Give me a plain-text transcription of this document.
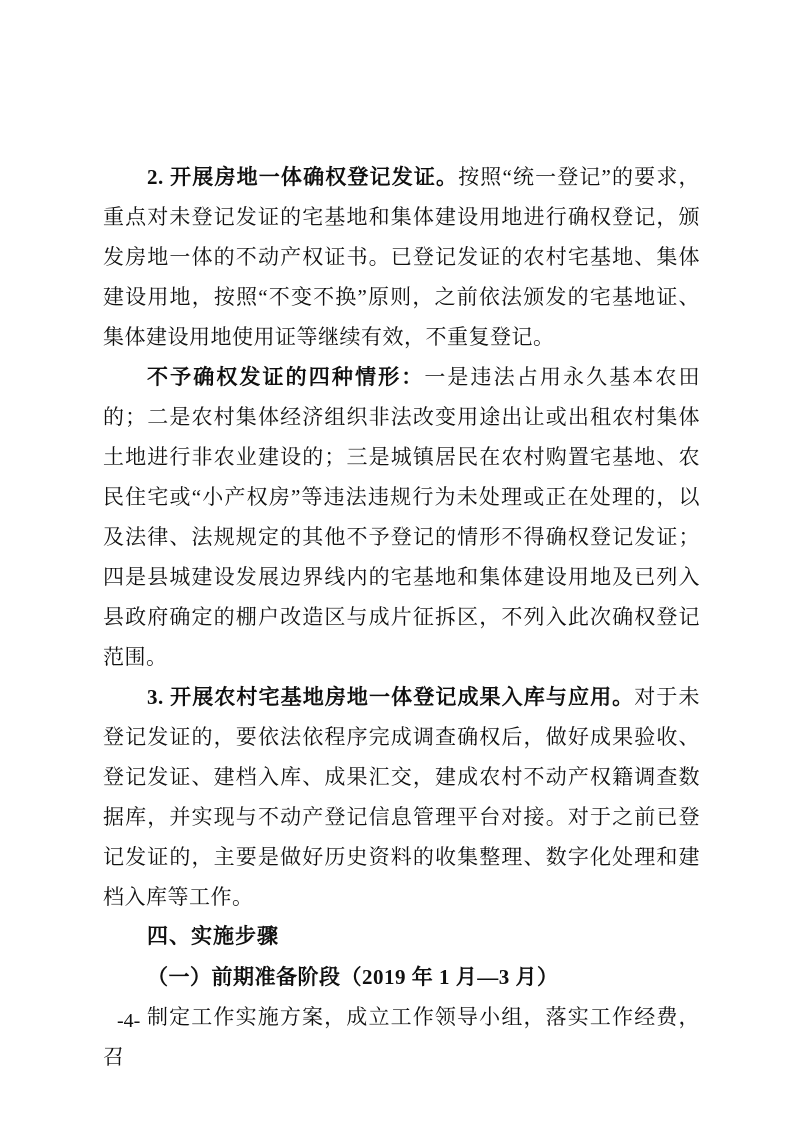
2. 开展房地一体确权登记发证。按照“统一登记”的要求，重点对未登记发证的宅基地和集体建设用地进行确权登记，颁发房地一体的不动产权证书。已登记发证的农村宅基地、集体建设用地，按照“不变不换”原则，之前依法颁发的宅基地证、集体建设用地使用证等继续有效，不重复登记。

不予确权发证的四种情形：一是违法占用永久基本农田的；二是农村集体经济组织非法改变用途出让或出租农村集体土地进行非农业建设的；三是城镇居民在农村购置宅基地、农民住宅或“小产权房”等违法违规行为未处理或正在处理的，以及法律、法规规定的其他不予登记的情形不得确权登记发证；四是县城建设发展边界线内的宅基地和集体建设用地及已列入县政府确定的棚户改造区与成片征拆区，不列入此次确权登记范围。

3. 开展农村宅基地房地一体登记成果入库与应用。对于未登记发证的，要依法依程序完成调查确权后，做好成果验收、登记发证、建档入库、成果汇交，建成农村不动产权籍调查数据库，并实现与不动产登记信息管理平台对接。对于之前已登记发证的，主要是做好历史资料的收集整理、数字化处理和建档入库等工作。

四、实施步骤

（一）前期准备阶段（2019 年 1 月—3 月）

制定工作实施方案，成立工作领导小组，落实工作经费，召

-4-
